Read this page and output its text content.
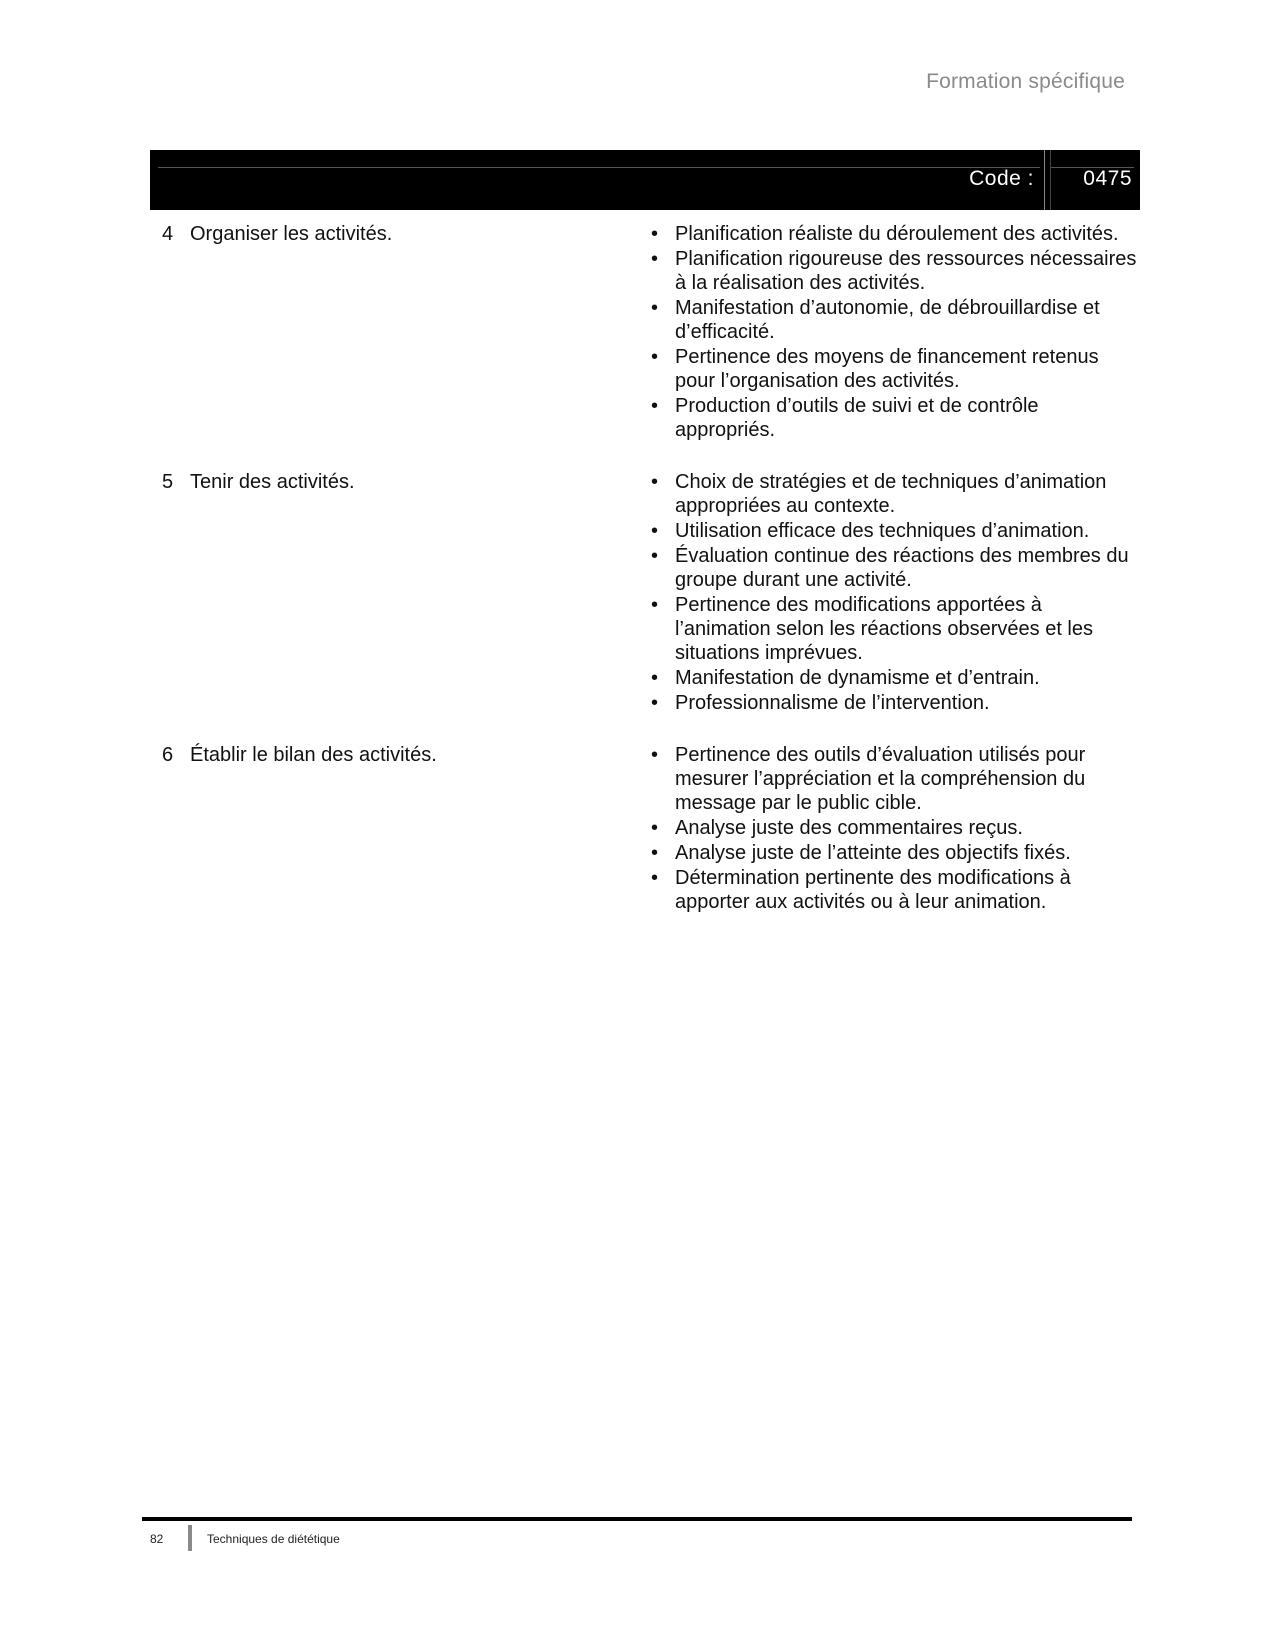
Formation spécifique
Code : 0475
4 Organiser les activités.	• Planification réaliste du déroulement des activités.
• Planification rigoureuse des ressources nécessaires à la réalisation des activités.
• Manifestation d’autonomie, de débrouillardise et d’efficacité.
• Pertinence des moyens de financement retenus pour l’organisation des activités.
• Production d’outils de suivi et de contrôle appropriés.
5 Tenir des activités.	• Choix de stratégies et de techniques d’animation appropriées au contexte.
• Utilisation efficace des techniques d’animation.
• Évaluation continue des réactions des membres du groupe durant une activité.
• Pertinence des modifications apportées à l’animation selon les réactions observées et les situations imprévues.
• Manifestation de dynamisme et d’entrain.
• Professionnalisme de l’intervention.
6 Établir le bilan des activités.	• Pertinence des outils d’évaluation utilisés pour mesurer l’appréciation et la compréhension du message par le public cible.
• Analyse juste des commentaires reçus.
• Analyse juste de l’atteinte des objectifs fixés.
• Détermination pertinente des modifications à apporter aux activités ou à leur animation.
82	Techniques de diététique
